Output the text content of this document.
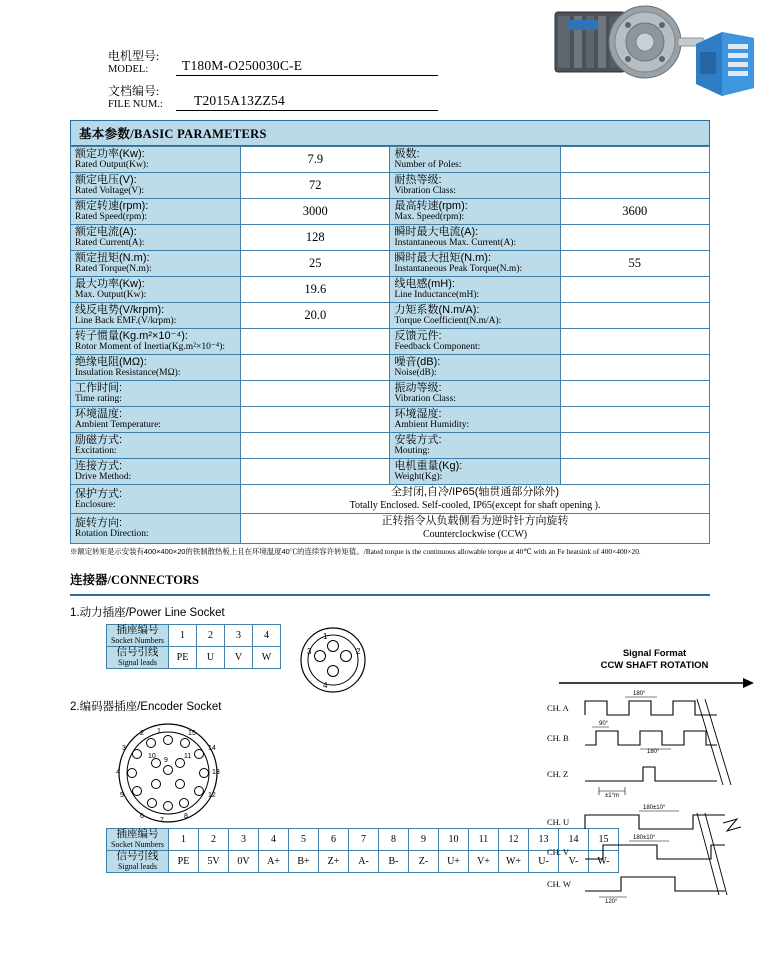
电机型号:
MODEL:	T180M-O250030C-E
文档编号:
FILE NUM.:	T2015A13ZZ54
基本参数/BASIC PARAMETERS
额定功率(Kw):
Rated Output(Kw):	7.9	极数:
Number of Poles:	

额定电压(V):
Rated Voltage(V):	72	耐热等级:
Vibration Class:	

额定转速(rpm):
Rated Speed(rpm):	3000	最高转速(rpm):
Max. Speed(rpm):	3600

额定电流(A):
Rated Current(A):	128	瞬时最大电流(A):
Instantaneous Max. Current(A):	

额定扭矩(N.m):
Rated Torque(N.m):	25	瞬时最大扭矩(N.m):
Instantaneous Peak Torque(N.m):	55

最大功率(Kw):
Max. Output(Kw):	19.6	线电感(mH):
Line Inductance(mH):	

线反电势(V/krpm):
Line Back EMF.(V/krpm):	20.0	力矩系数(N.m/A):
Torque Coefficient(N.m/A):	

转子惯量(Kg.m²×10⁻⁴):
Rotor Moment of Inertia(Kg.m²×10⁻⁴):		反馈元件:
Feedback Component:	

绝缘电阻(MΩ):
Insulation Resistance(MΩ):		噪音(dB):
Noise(dB):	

工作时间:
Time rating:		振动等级:
Vibration Class:	

环境温度:
Ambient Temperature:		环境湿度:
Ambient Humidity:	

励磁方式:
Excitation:		安装方式:
Mouting:	

连接方式:
Drive Method:		电机重量(Kg):
Weight(Kg):	

保护方式:
Enclosure:	全封闭,自冷/IP65(轴贯通部分除外)
Totally Enclosed. Self-cooled, IP65(except for shaft opening ).		

旋转方向:
Rotation Direction:	正转指令从负载侧看为逆时针方向旋转
Counterclockwise (CCW)		
※额定转矩是示安装有400×400×20的铁制散热板上且在环境温度40℃的连续容许转矩值。/Rated torque is the continuous allowable torque at 40℃ with an Fe heatsink of 400×400×20.
连接器/CONNECTORS
1.动力插座/Power Line Socket
插座编号
Socket Numbers	1	2	3	4

信号引线
Signal leads	PE	U	V	W
1
3	2
4
2.编码器插座/Encoder Socket
2 1	15
3	14
4	13
5	12
6
7
8
10
9
11
插座编号
Socket Numbers	1	2	3	4	5	6	7	8	9	10	11	12	13	14	15

信号引线
Signal leads	PE	5V	0V	A+	B+	Z+	A-	B-	Z-	U+	V+	W+	U-	V-	W-
Signal Format
CCW SHAFT ROTATION
CH. A
180°
CH. B
90°
180°
CH. Z
±1°m
CH. U
180±10°
CH. V
180±10°
CH. W
120°
